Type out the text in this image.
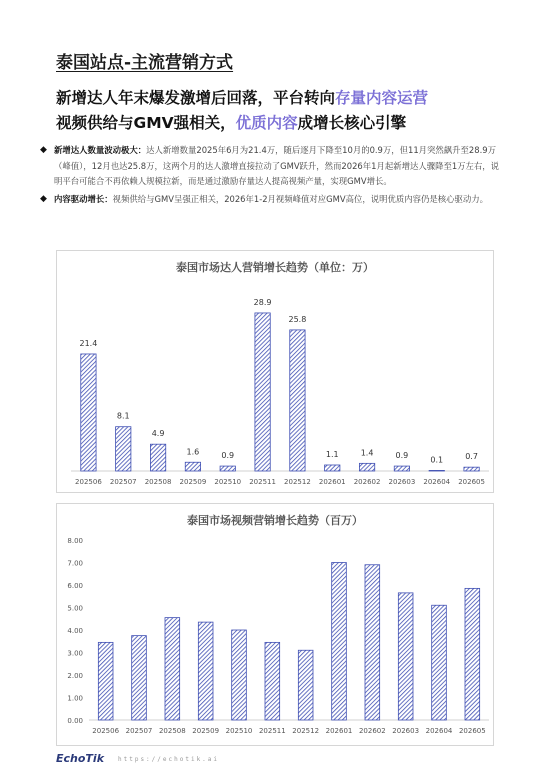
泰国站点-主流营销方式
新增达人年末爆发激增后回落，平台转向存量内容运营
视频供给与GMV强相关，优质内容成增长核心引擎
◆ 新增达人数量波动极大：达人新增数量2025年6月为21.4万，随后逐月下降至10月的0.9万，但11月突然飙升至28.9万（峰值），12月也达25.8万，这两个月的达人激增直接拉动了GMV跃升，然而2026年1月起新增达人骤降至1万左右，说明平台可能合不再依赖人规模拉新，而是通过激励存量达人提高视频产量，实现GMV增长。
◆ 内容驱动增长：视频供给与GMV呈强正相关，2026年1-2月视频峰值对应GMV高位，说明优质内容仍是核心驱动力。
泰国市场达人营销增长趋势（单位：万）
21.4
202506
8.1
202507
4.9
202508
1.6
202509
0.9
202510
28.9
202511
25.8
202512
1.1
202601
1.4
202602
0.9
202603
0.1
202604
0.7
202605
泰国市场视频营销增长趋势（百万）
0.00
1.00
2.00
3.00
4.00
5.00
6.00
7.00
8.00
202506 202507 202508 202509 202510 202511 202512 202601 202602 202603 202604 202605
EchoTik https://echotik.ai
